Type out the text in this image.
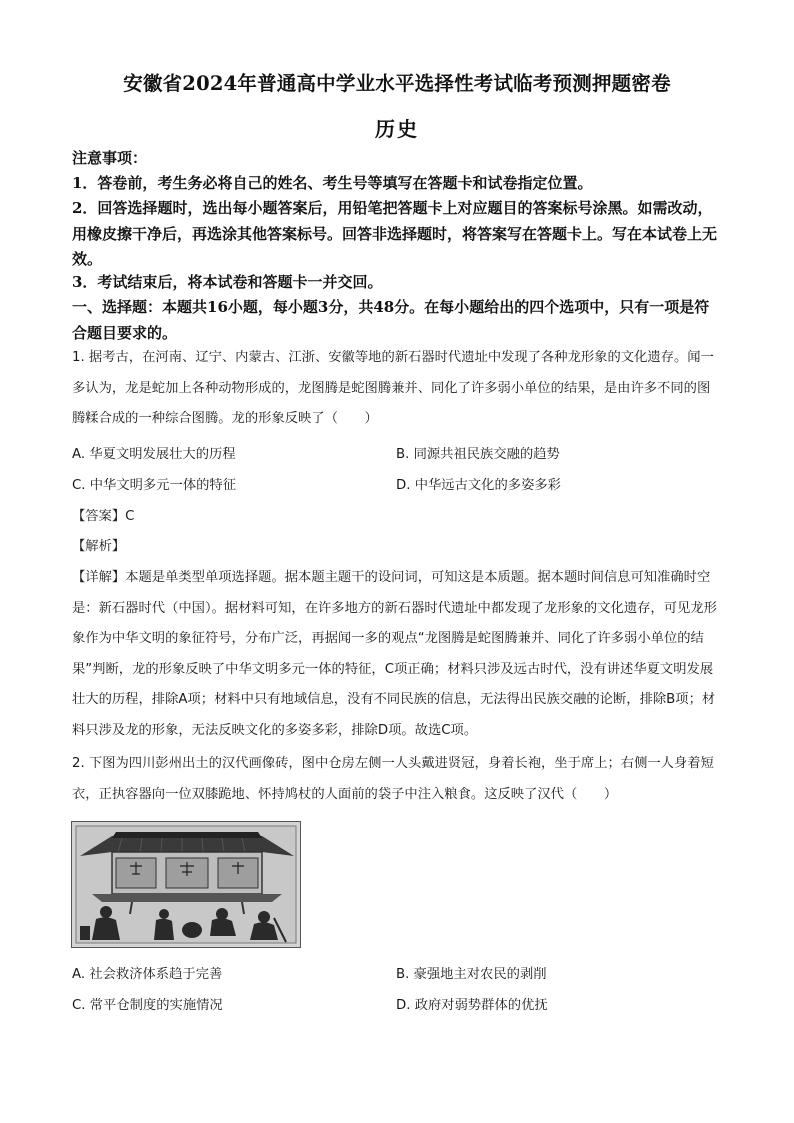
安徽省2024年普通高中学业水平选择性考试临考预测押题密卷
历史
注意事项：
1．答卷前，考生务必将自己的姓名、考生号等填写在答题卡和试卷指定位置。
2．回答选择题时，选出每小题答案后，用铅笔把答题卡上对应题目的答案标号涂黑。如需改动，用橡皮擦干净后，再选涂其他答案标号。回答非选择题时，将答案写在答题卡上。写在本试卷上无效。
3．考试结束后，将本试卷和答题卡一并交回。
一、选择题：本题共16小题，每小题3分，共48分。在每小题给出的四个选项中，只有一项是符合题目要求的。
1. 据考古，在河南、辽宁、内蒙古、江浙、安徽等地的新石器时代遗址中发现了各种龙形象的文化遗存。闻一多认为，龙是蛇加上各种动物形成的，龙图腾是蛇图腾兼并、同化了许多弱小单位的结果，是由许多不同的图腾糅合成的一种综合图腾。龙的形象反映了（　　）
A. 华夏文明发展壮大的历程	B. 同源共祖民族交融的趋势
C. 中华文明多元一体的特征	D. 中华远古文化的多姿多彩
【答案】C
【解析】
【详解】本题是单类型单项选择题。据本题主题干的设问词，可知这是本质题。据本题时间信息可知准确时空是：新石器时代（中国）。据材料可知，在许多地方的新石器时代遗址中都发现了龙形象的文化遗存，可见龙形象作为中华文明的象征符号，分布广泛，再据闻一多的观点“龙图腾是蛇图腾兼并、同化了许多弱小单位的结果”判断，龙的形象反映了中华文明多元一体的特征，C项正确；材料只涉及远古时代，没有讲述华夏文明发展壮大的历程，排除A项；材料中只有地域信息，没有不同民族的信息，无法得出民族交融的论断，排除B项；材料只涉及龙的形象，无法反映文化的多姿多彩，排除D项。故选C项。
2. 下图为四川彭州出土的汉代画像砖，图中仓房左侧一人头戴进贤冠，身着长袍，坐于席上；右侧一人身着短衣，正执容器向一位双膝跪地、怀持鸠杖的人面前的袋子中注入粮食。这反映了汉代（　　）
A. 社会救济体系趋于完善	B. 豪强地主对农民的剥削
C. 常平仓制度的实施情况	D. 政府对弱势群体的优抚
